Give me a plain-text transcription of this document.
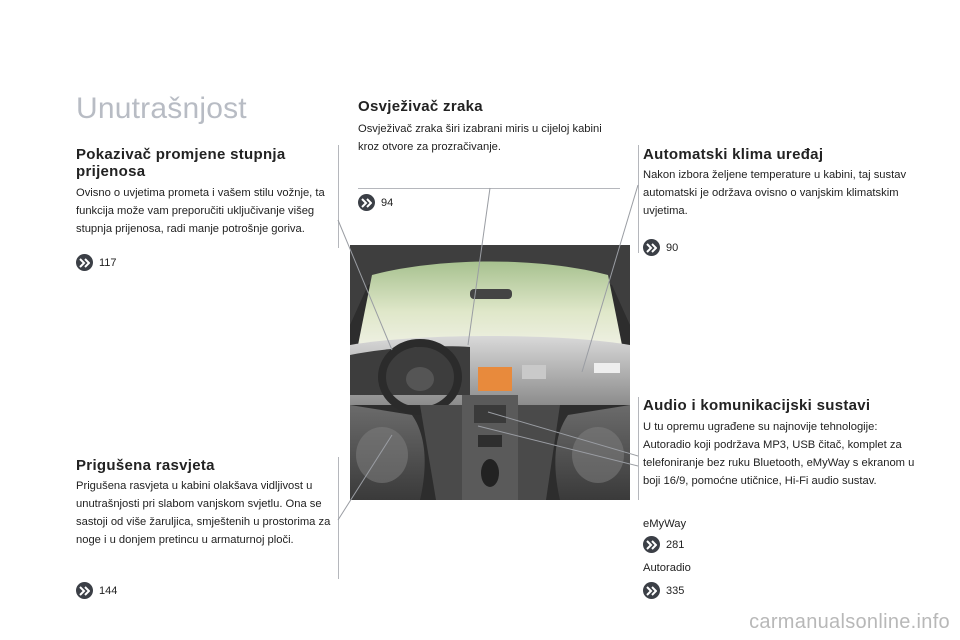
Unutrašnjost
Pokazivač promjene stupnja prijenosa

Ovisno o uvjetima prometa i vašem stilu vožnje, ta funkcija može vam preporučiti uključivanje višeg stupnja prijenosa, radi manje potrošnje goriva.

117
Prigušena rasvjeta

Prigušena rasvjeta u kabini olakšava vidljivost u unutrašnjosti pri slabom vanjskom svjetlu. Ona se sastoji od više žaruljica, smještenih u prostorima za noge i u donjem pretincu u armaturnoj ploči.

144
Osvježivač zraka

Osvježivač zraka širi izabrani miris u cijeloj kabini kroz otvore za prozračivanje.

94
Automatski klima uređaj

Nakon izbora željene temperature u kabini, taj sustav automatski je održava ovisno o vanjskim klimatskim uvjetima.

90
Audio i komunikacijski sustavi

U tu opremu ugrađene su najnovije tehnologije: Autoradio koji podržava MP3, USB čitač, komplet za telefoniranje bez ruku Bluetooth, eMyWay s ekranom u boji 16/9, pomoćne utičnice, Hi-Fi audio sustav.

eMyWay
281
Autoradio
335
carmanualsonline.info
